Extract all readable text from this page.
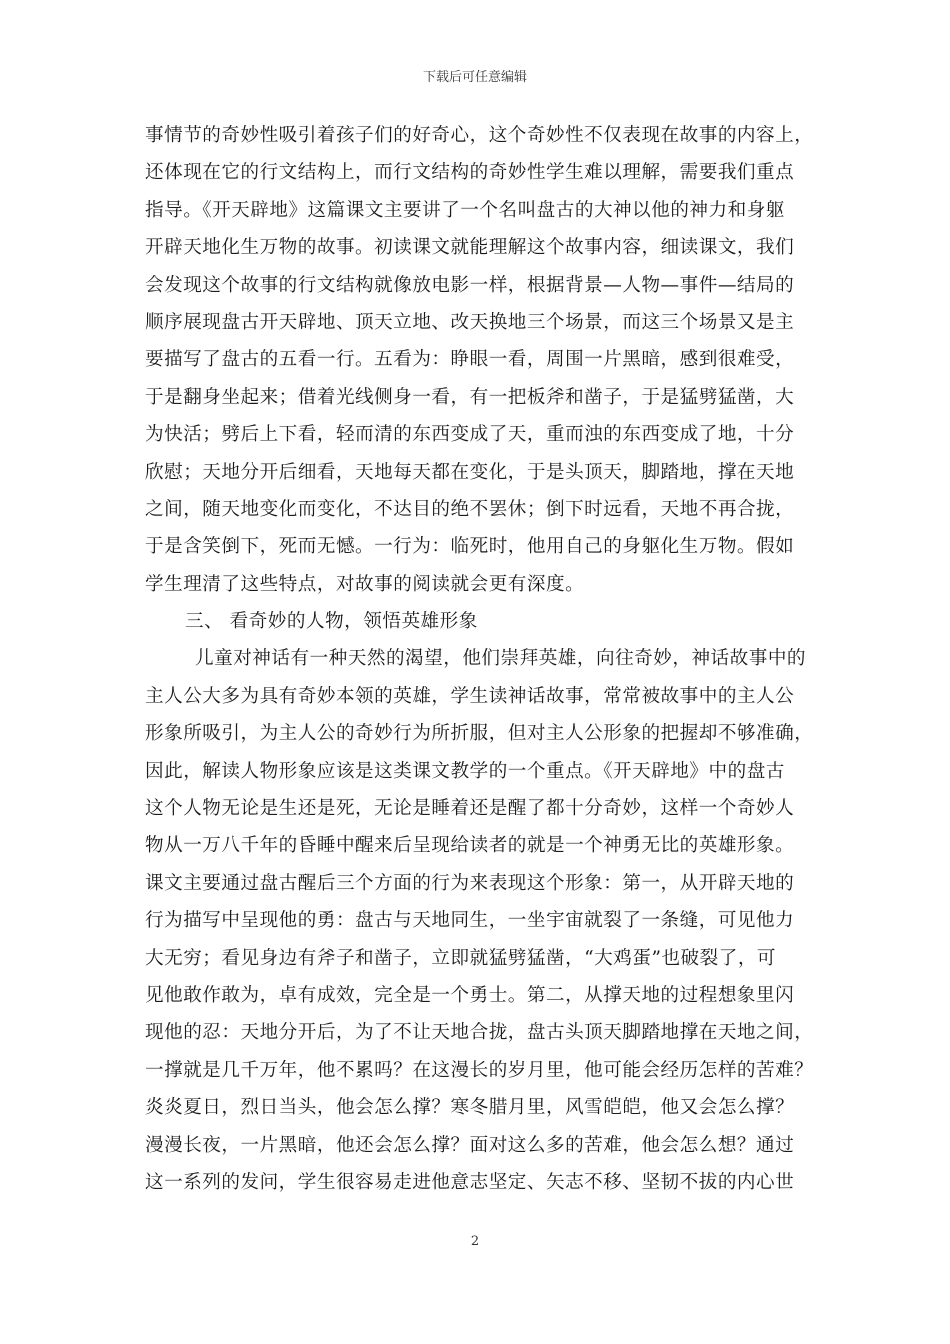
下载后可任意编辑
事情节的奇妙性吸引着孩子们的好奇心，这个奇妙性不仅表现在故事的内容上，
还体现在它的行文结构上，而行文结构的奇妙性学生难以理解，需要我们重点
指导。《开天辟地》这篇课文主要讲了一个名叫盘古的大神以他的神力和身躯
开辟天地化生万物的故事。初读课文就能理解这个故事内容，细读课文，我们
会发现这个故事的行文结构就像放电影一样，根据背景—人物—事件—结局的
顺序展现盘古开天辟地、顶天立地、改天换地三个场景，而这三个场景又是主
要描写了盘古的五看一行。五看为：睁眼一看，周围一片黑暗，感到很难受，
于是翻身坐起来；借着光线侧身一看，有一把板斧和凿子，于是猛劈猛凿，大
为快活；劈后上下看，轻而清的东西变成了天，重而浊的东西变成了地，十分
欣慰；天地分开后细看，天地每天都在变化，于是头顶天，脚踏地，撑在天地
之间，随天地变化而变化，不达目的绝不罢休；倒下时远看，天地不再合拢，
于是含笑倒下，死而无憾。一行为：临死时，他用自己的身躯化生万物。假如
学生理清了这些特点，对故事的阅读就会更有深度。
三、 看奇妙的人物，领悟英雄形象
儿童对神话有一种天然的渴望，他们崇拜英雄，向往奇妙，神话故事中的
主人公大多为具有奇妙本领的英雄，学生读神话故事，常常被故事中的主人公
形象所吸引，为主人公的奇妙行为所折服，但对主人公形象的把握却不够准确，
因此，解读人物形象应该是这类课文教学的一个重点。《开天辟地》中的盘古
这个人物无论是生还是死，无论是睡着还是醒了都十分奇妙，这样一个奇妙人
物从一万八千年的昏睡中醒来后呈现给读者的就是一个神勇无比的英雄形象。
课文主要通过盘古醒后三个方面的行为来表现这个形象：第一，从开辟天地的
行为描写中呈现他的勇：盘古与天地同生，一坐宇宙就裂了一条缝，可见他力
大无穷；看见身边有斧子和凿子，立即就猛劈猛凿，“大鸡蛋”也破裂了，可
见他敢作敢为，卓有成效，完全是一个勇士。第二，从撑天地的过程想象里闪
现他的忍：天地分开后，为了不让天地合拢，盘古头顶天脚踏地撑在天地之间，
一撑就是几千万年，他不累吗？在这漫长的岁月里，他可能会经历怎样的苦难？
炎炎夏日，烈日当头，他会怎么撑？寒冬腊月里，风雪皑皑，他又会怎么撑？
漫漫长夜，一片黑暗，他还会怎么撑？面对这么多的苦难，他会怎么想？通过
这一系列的发问，学生很容易走进他意志坚定、矢志不移、坚韧不拔的内心世
2
